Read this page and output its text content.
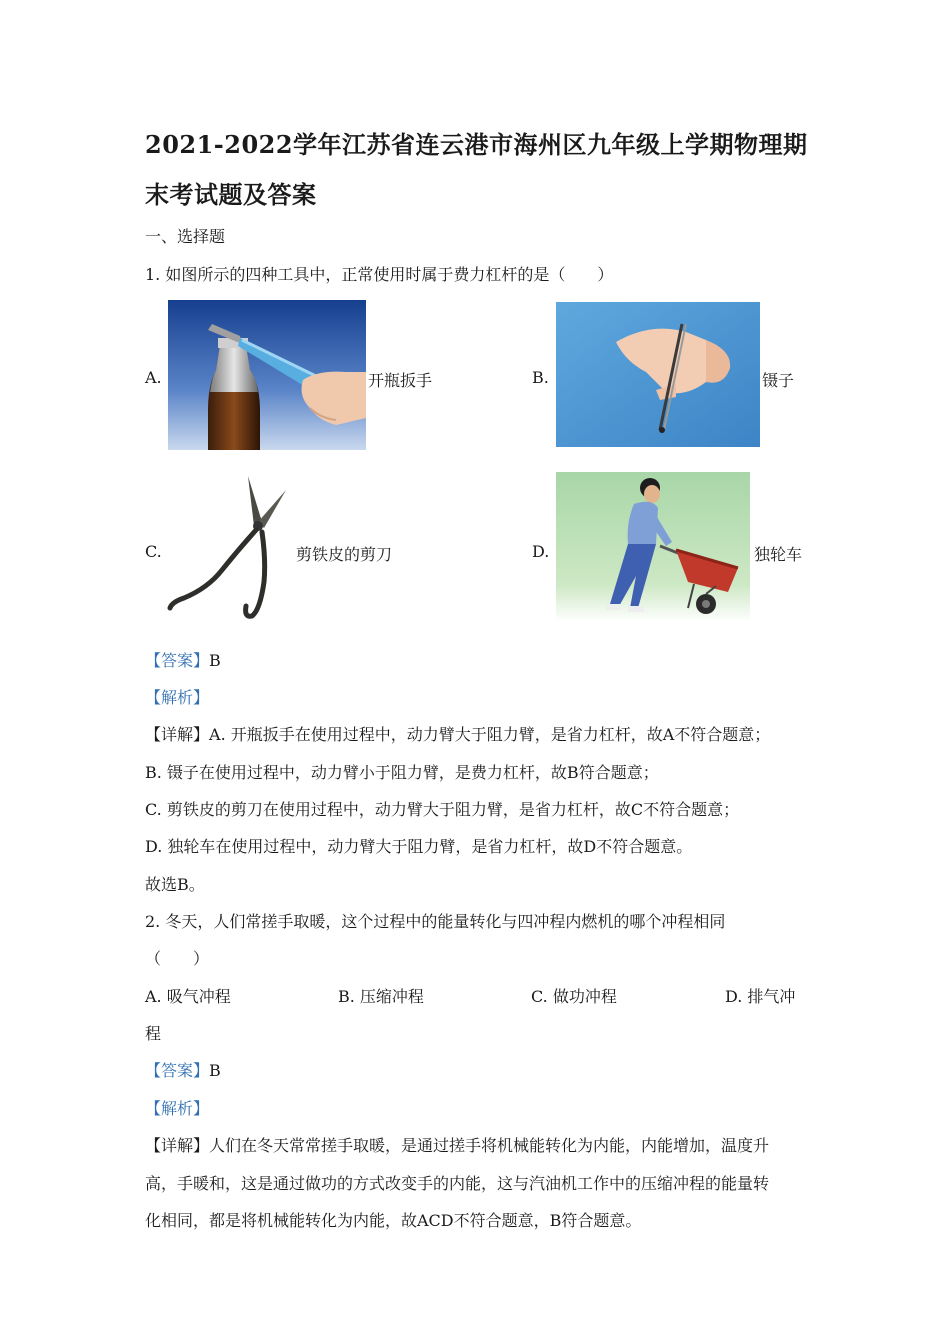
2021-2022学年江苏省连云港市海州区九年级上学期物理期
末考试题及答案
一、选择题
1. 如图所示的四种工具中，正常使用时属于费力杠杆的是（　　）
A.	开瓶扳手	B.	镊子
C.	剪铁皮的剪刀	D.	独轮车
【答案】B
【解析】
【详解】A. 开瓶扳手在使用过程中，动力臂大于阻力臂，是省力杠杆，故A不符合题意；
B. 镊子在使用过程中，动力臂小于阻力臂，是费力杠杆，故B符合题意；
C. 剪铁皮的剪刀在使用过程中，动力臂大于阻力臂，是省力杠杆，故C不符合题意；
D. 独轮车在使用过程中，动力臂大于阻力臂，是省力杠杆，故D不符合题意。
故选B。
2. 冬天，人们常搓手取暖，这个过程中的能量转化与四冲程内燃机的哪个冲程相同
（　　）
A. 吸气冲程	B. 压缩冲程	C. 做功冲程	D. 排气冲
程
【答案】B
【解析】
【详解】人们在冬天常常搓手取暖，是通过搓手将机械能转化为内能，内能增加，温度升
高，手暖和，这是通过做功的方式改变手的内能，这与汽油机工作中的压缩冲程的能量转
化相同，都是将机械能转化为内能，故ACD不符合题意，B符合题意。
